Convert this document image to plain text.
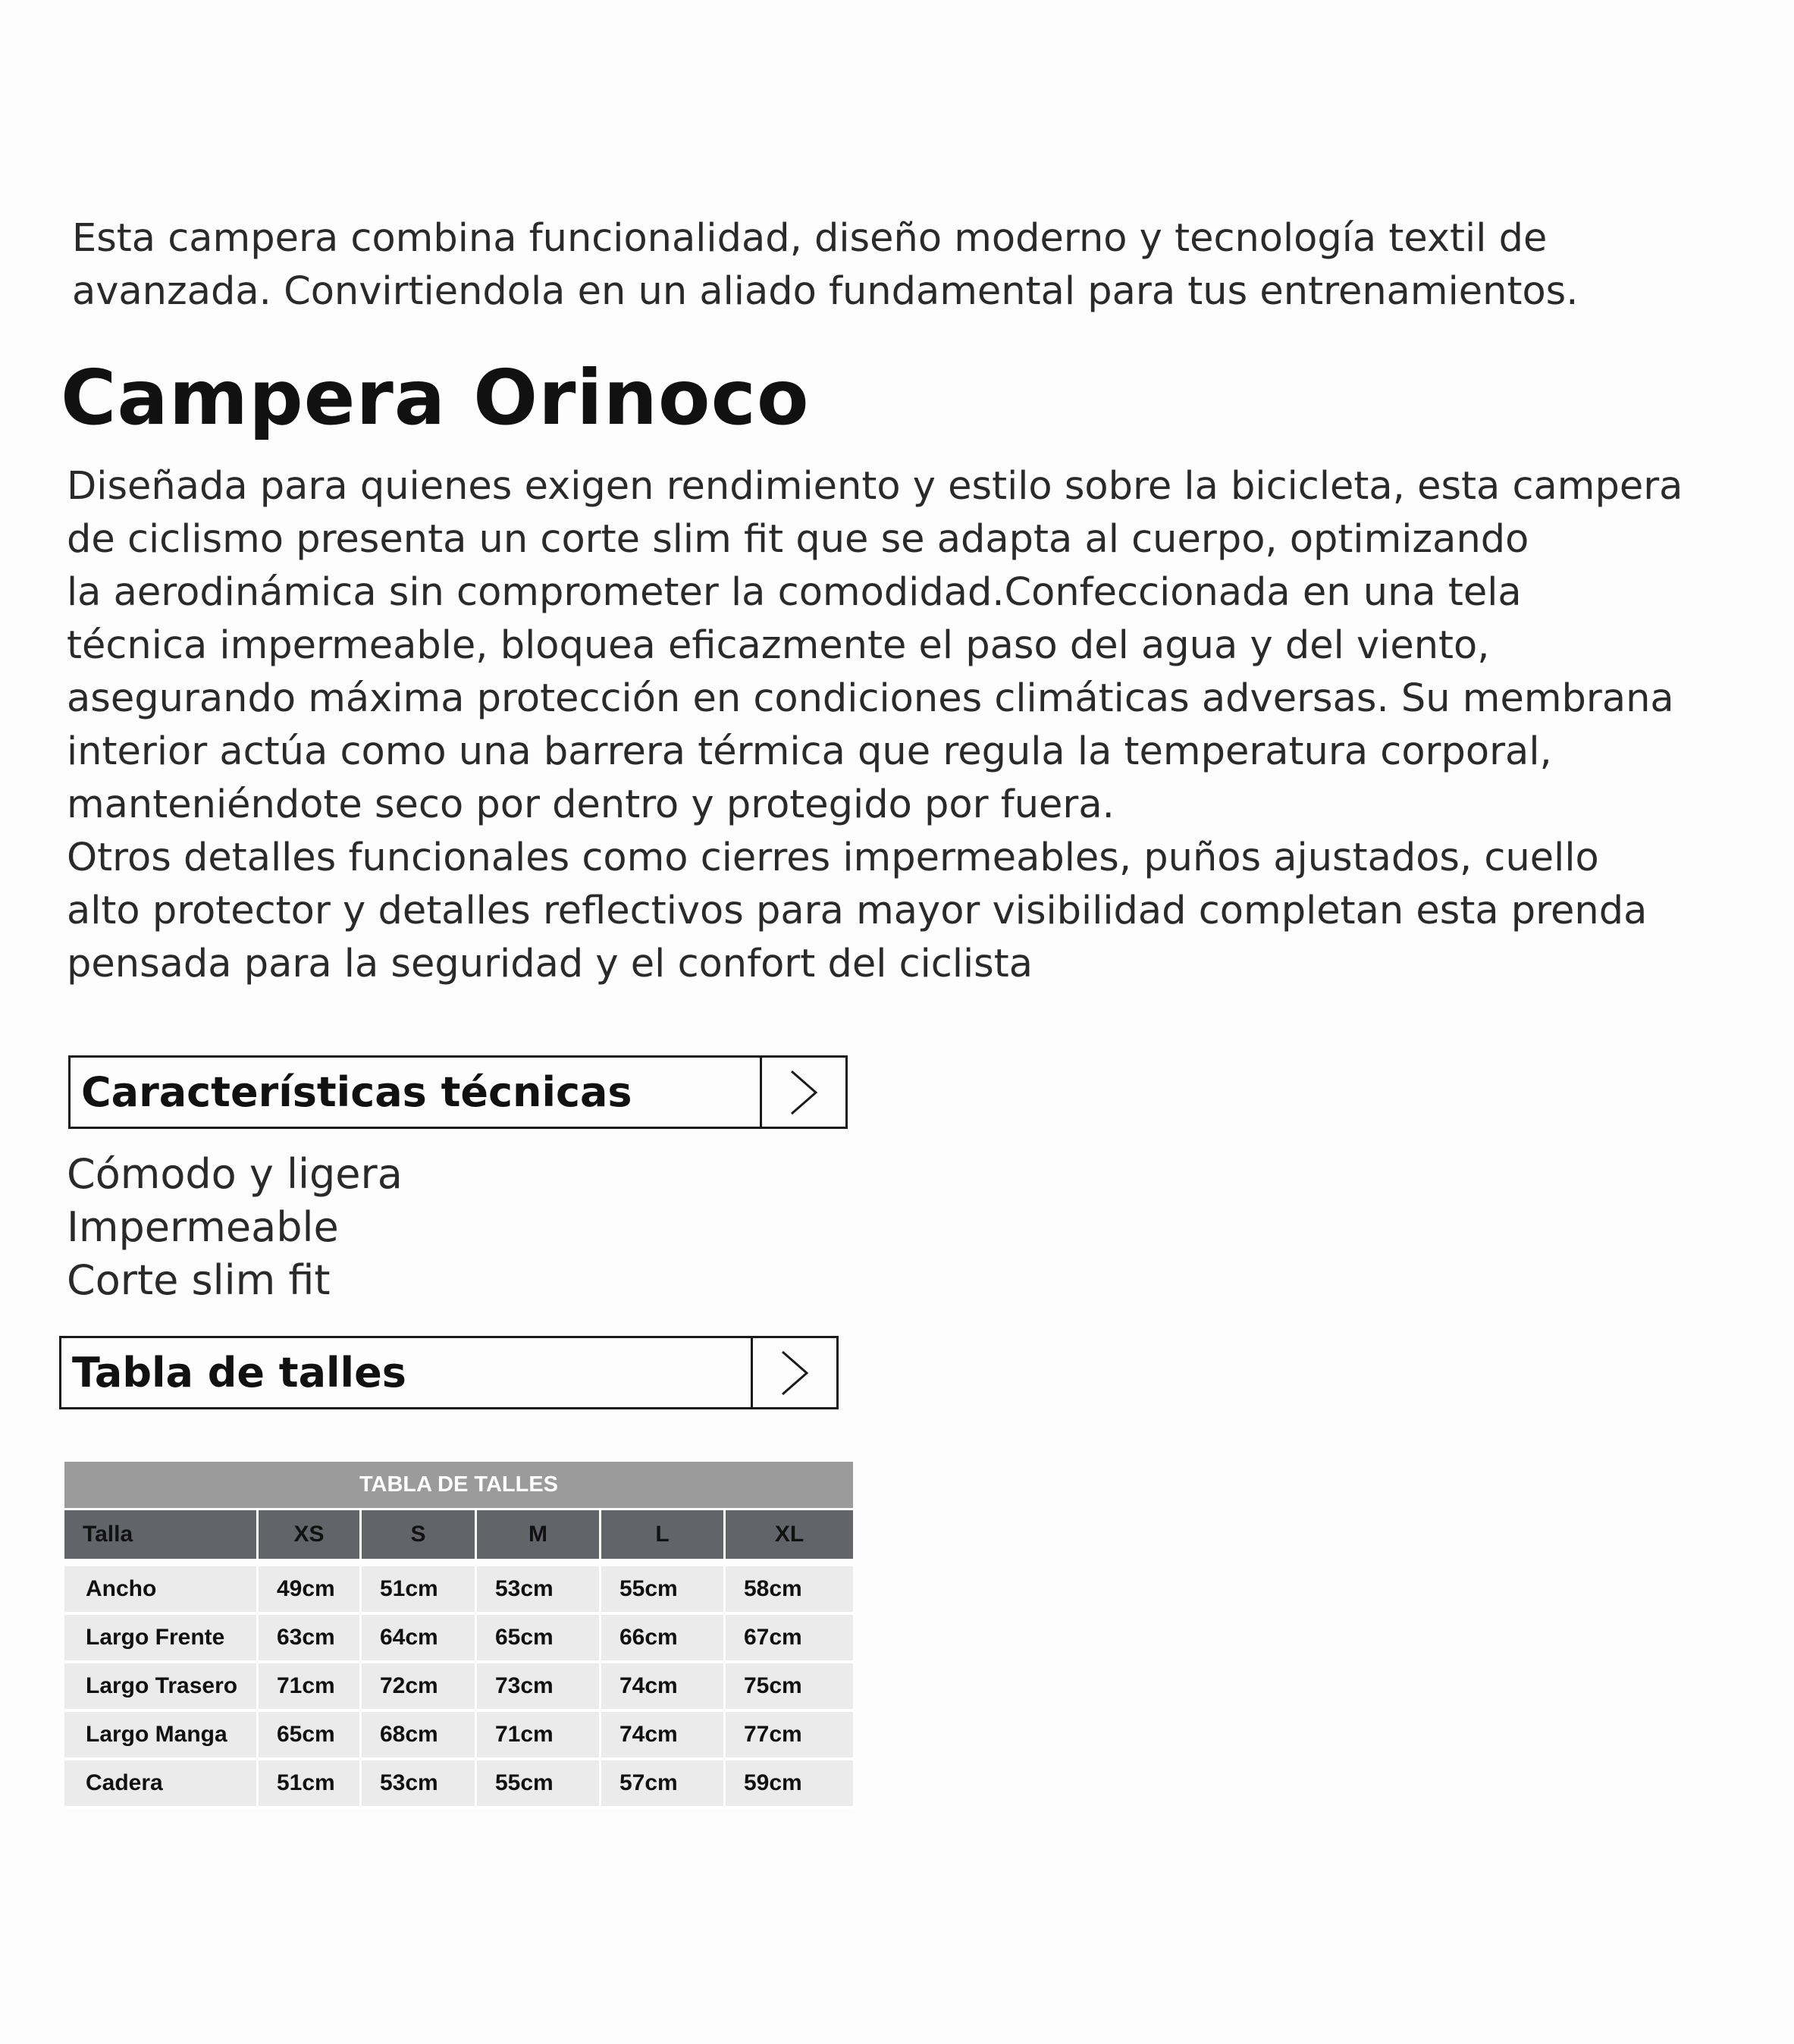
Esta campera combina funcionalidad, diseño moderno y tecnología textil de
avanzada. Convirtiendola en un aliado fundamental para tus entrenamientos.

Campera Orinoco

Diseñada para quienes exigen rendimiento y estilo sobre la bicicleta, esta campera
de ciclismo presenta un corte slim fit que se adapta al cuerpo, optimizando
la aerodinámica sin comprometer la comodidad.Confeccionada en una tela
técnica impermeable, bloquea eficazmente el paso del agua y del viento,
asegurando máxima protección en condiciones climáticas adversas. Su membrana
interior actúa como una barrera térmica que regula la temperatura corporal,
manteniéndote seco por dentro y protegido por fuera.
Otros detalles funcionales como cierres impermeables, puños ajustados, cuello
alto protector y detalles reflectivos para mayor visibilidad completan esta prenda
pensada para la seguridad y el confort del ciclista

Características técnicas

Cómodo y ligera
Impermeable
Corte slim fit

Tabla de talles
TABLA DE TALLES					
Talla	XS	S	M	L	XL

Ancho	49cm	51cm	53cm	55cm	58cm
Largo Frente	63cm	64cm	65cm	66cm	67cm
Largo Trasero	71cm	72cm	73cm	74cm	75cm
Largo Manga	65cm	68cm	71cm	74cm	77cm
Cadera	51cm	53cm	55cm	57cm	59cm
